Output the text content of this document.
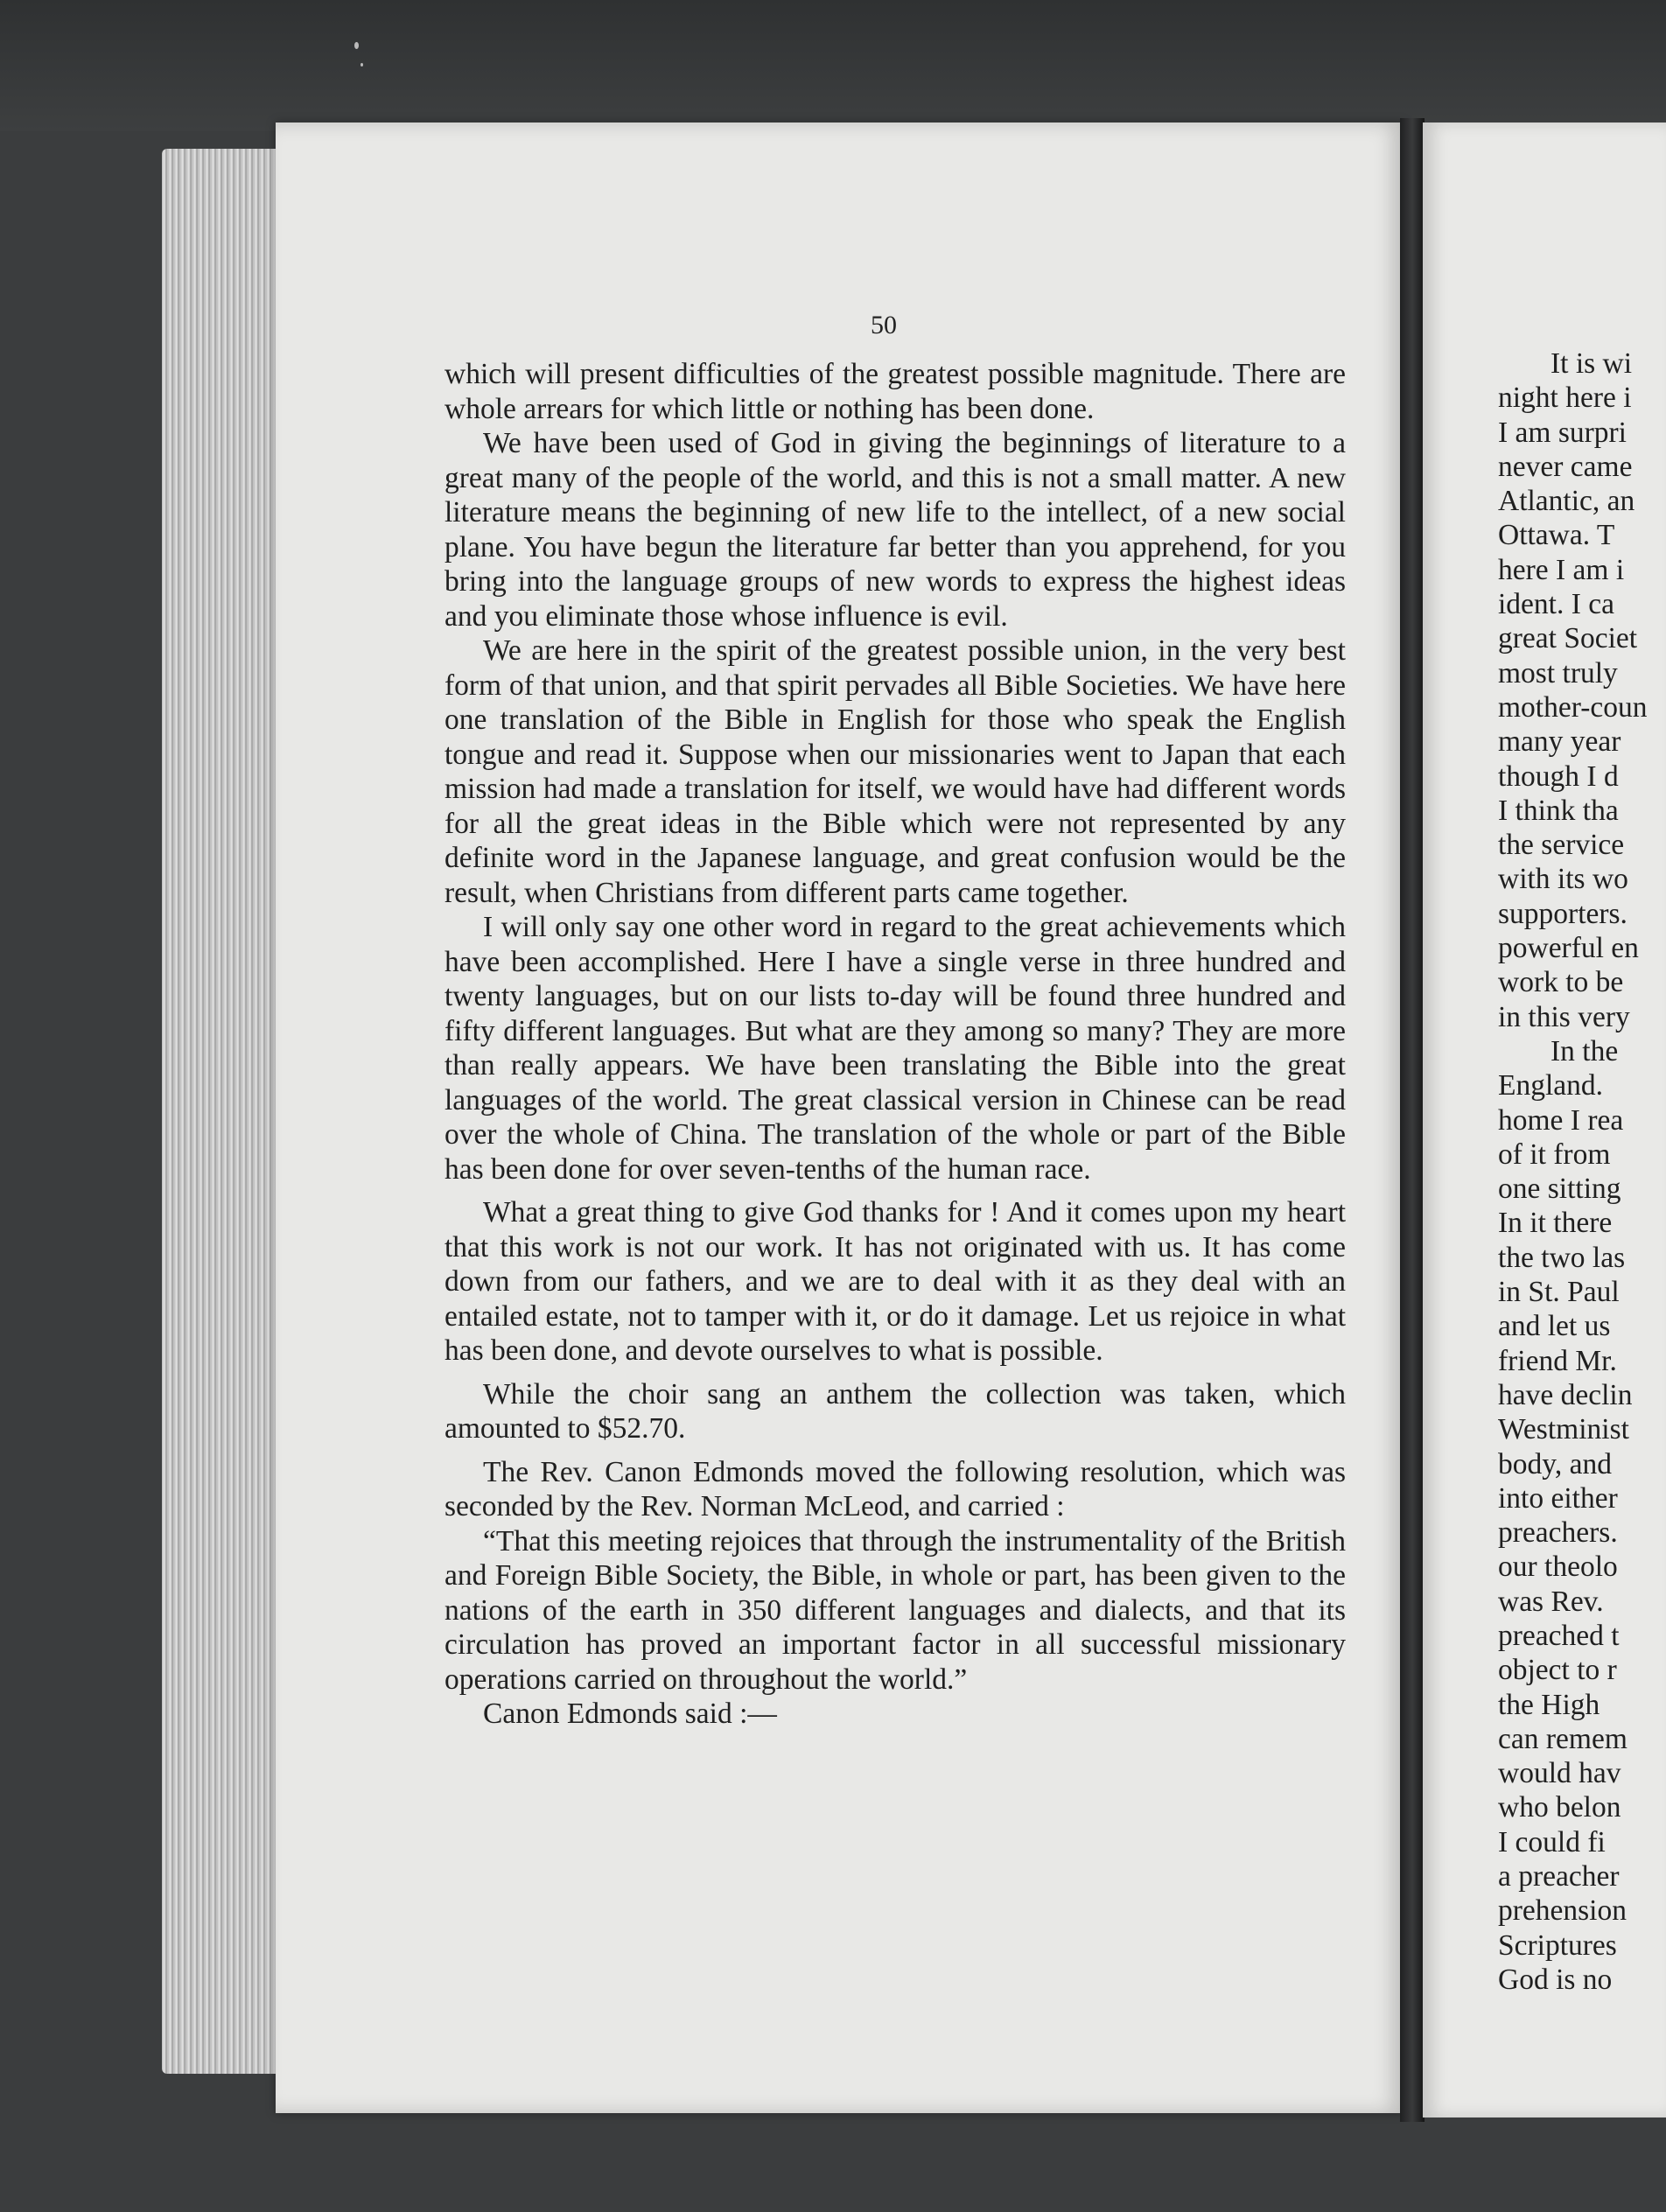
50

which will present difficulties of the greatest possible magnitude. There are whole arrears for which little or nothing has been done.

We have been used of God in giving the beginnings of literature to a great many of the people of the world, and this is not a small matter. A new literature means the beginning of new life to the intellect, of a new social plane. You have begun the literature far better than you apprehend, for you bring into the language groups of new words to express the highest ideas and you eliminate those whose influence is evil.

We are here in the spirit of the greatest possible union, in the very best form of that union, and that spirit pervades all Bible Societies. We have here one translation of the Bible in English for those who speak the English tongue and read it. Suppose when our missionaries went to Japan that each mission had made a translation for itself, we would have had different words for all the great ideas in the Bible which were not represented by any definite word in the Japanese language, and great confusion would be the result, when Christians from different parts came together.

I will only say one other word in regard to the great achievements which have been accomplished. Here I have a single verse in three hundred and twenty languages, but on our lists to-day will be found three hundred and fifty different languages. But what are they among so many? They are more than really appears. We have been translating the Bible into the great languages of the world. The great classical version in Chinese can be read over the whole of China. The translation of the whole or part of the Bible has been done for over seven-tenths of the human race.

What a great thing to give God thanks for ! And it comes upon my heart that this work is not our work. It has not originated with us. It has come down from our fathers, and we are to deal with it as they deal with an entailed estate, not to tamper with it, or do it damage. Let us rejoice in what has been done, and devote ourselves to what is possible.

While the choir sang an anthem the collection was taken, which amounted to $52.70.

The Rev. Canon Edmonds moved the following resolution, which was seconded by the Rev. Norman McLeod, and carried :

“That this meeting rejoices that through the instrumentality of the British and Foreign Bible Society, the Bible, in whole or part, has been given to the nations of the earth in 350 different languages and dialects, and that its circulation has proved an important factor in all successful missionary operations carried on throughout the world.”

Canon Edmonds said :—

It is wi
night here i
I am surpri
never came
Atlantic, an
Ottawa. T
here I am i
ident. I ca
great Societ
most truly
mother-coun
many year
though I d
I think tha
the service
with its wo
supporters.
powerful en
work to be
in this very
In the
England.
home I rea
of it from
one sitting
In it there
the two las
in St. Paul
and let us
friend Mr.
have declin
Westminist
body, and
into either
preachers.
our theolo
was Rev.
preached t
object to r
the High
can remem
would hav
who belon
I could fi
a preacher
prehension
Scriptures
God is no
